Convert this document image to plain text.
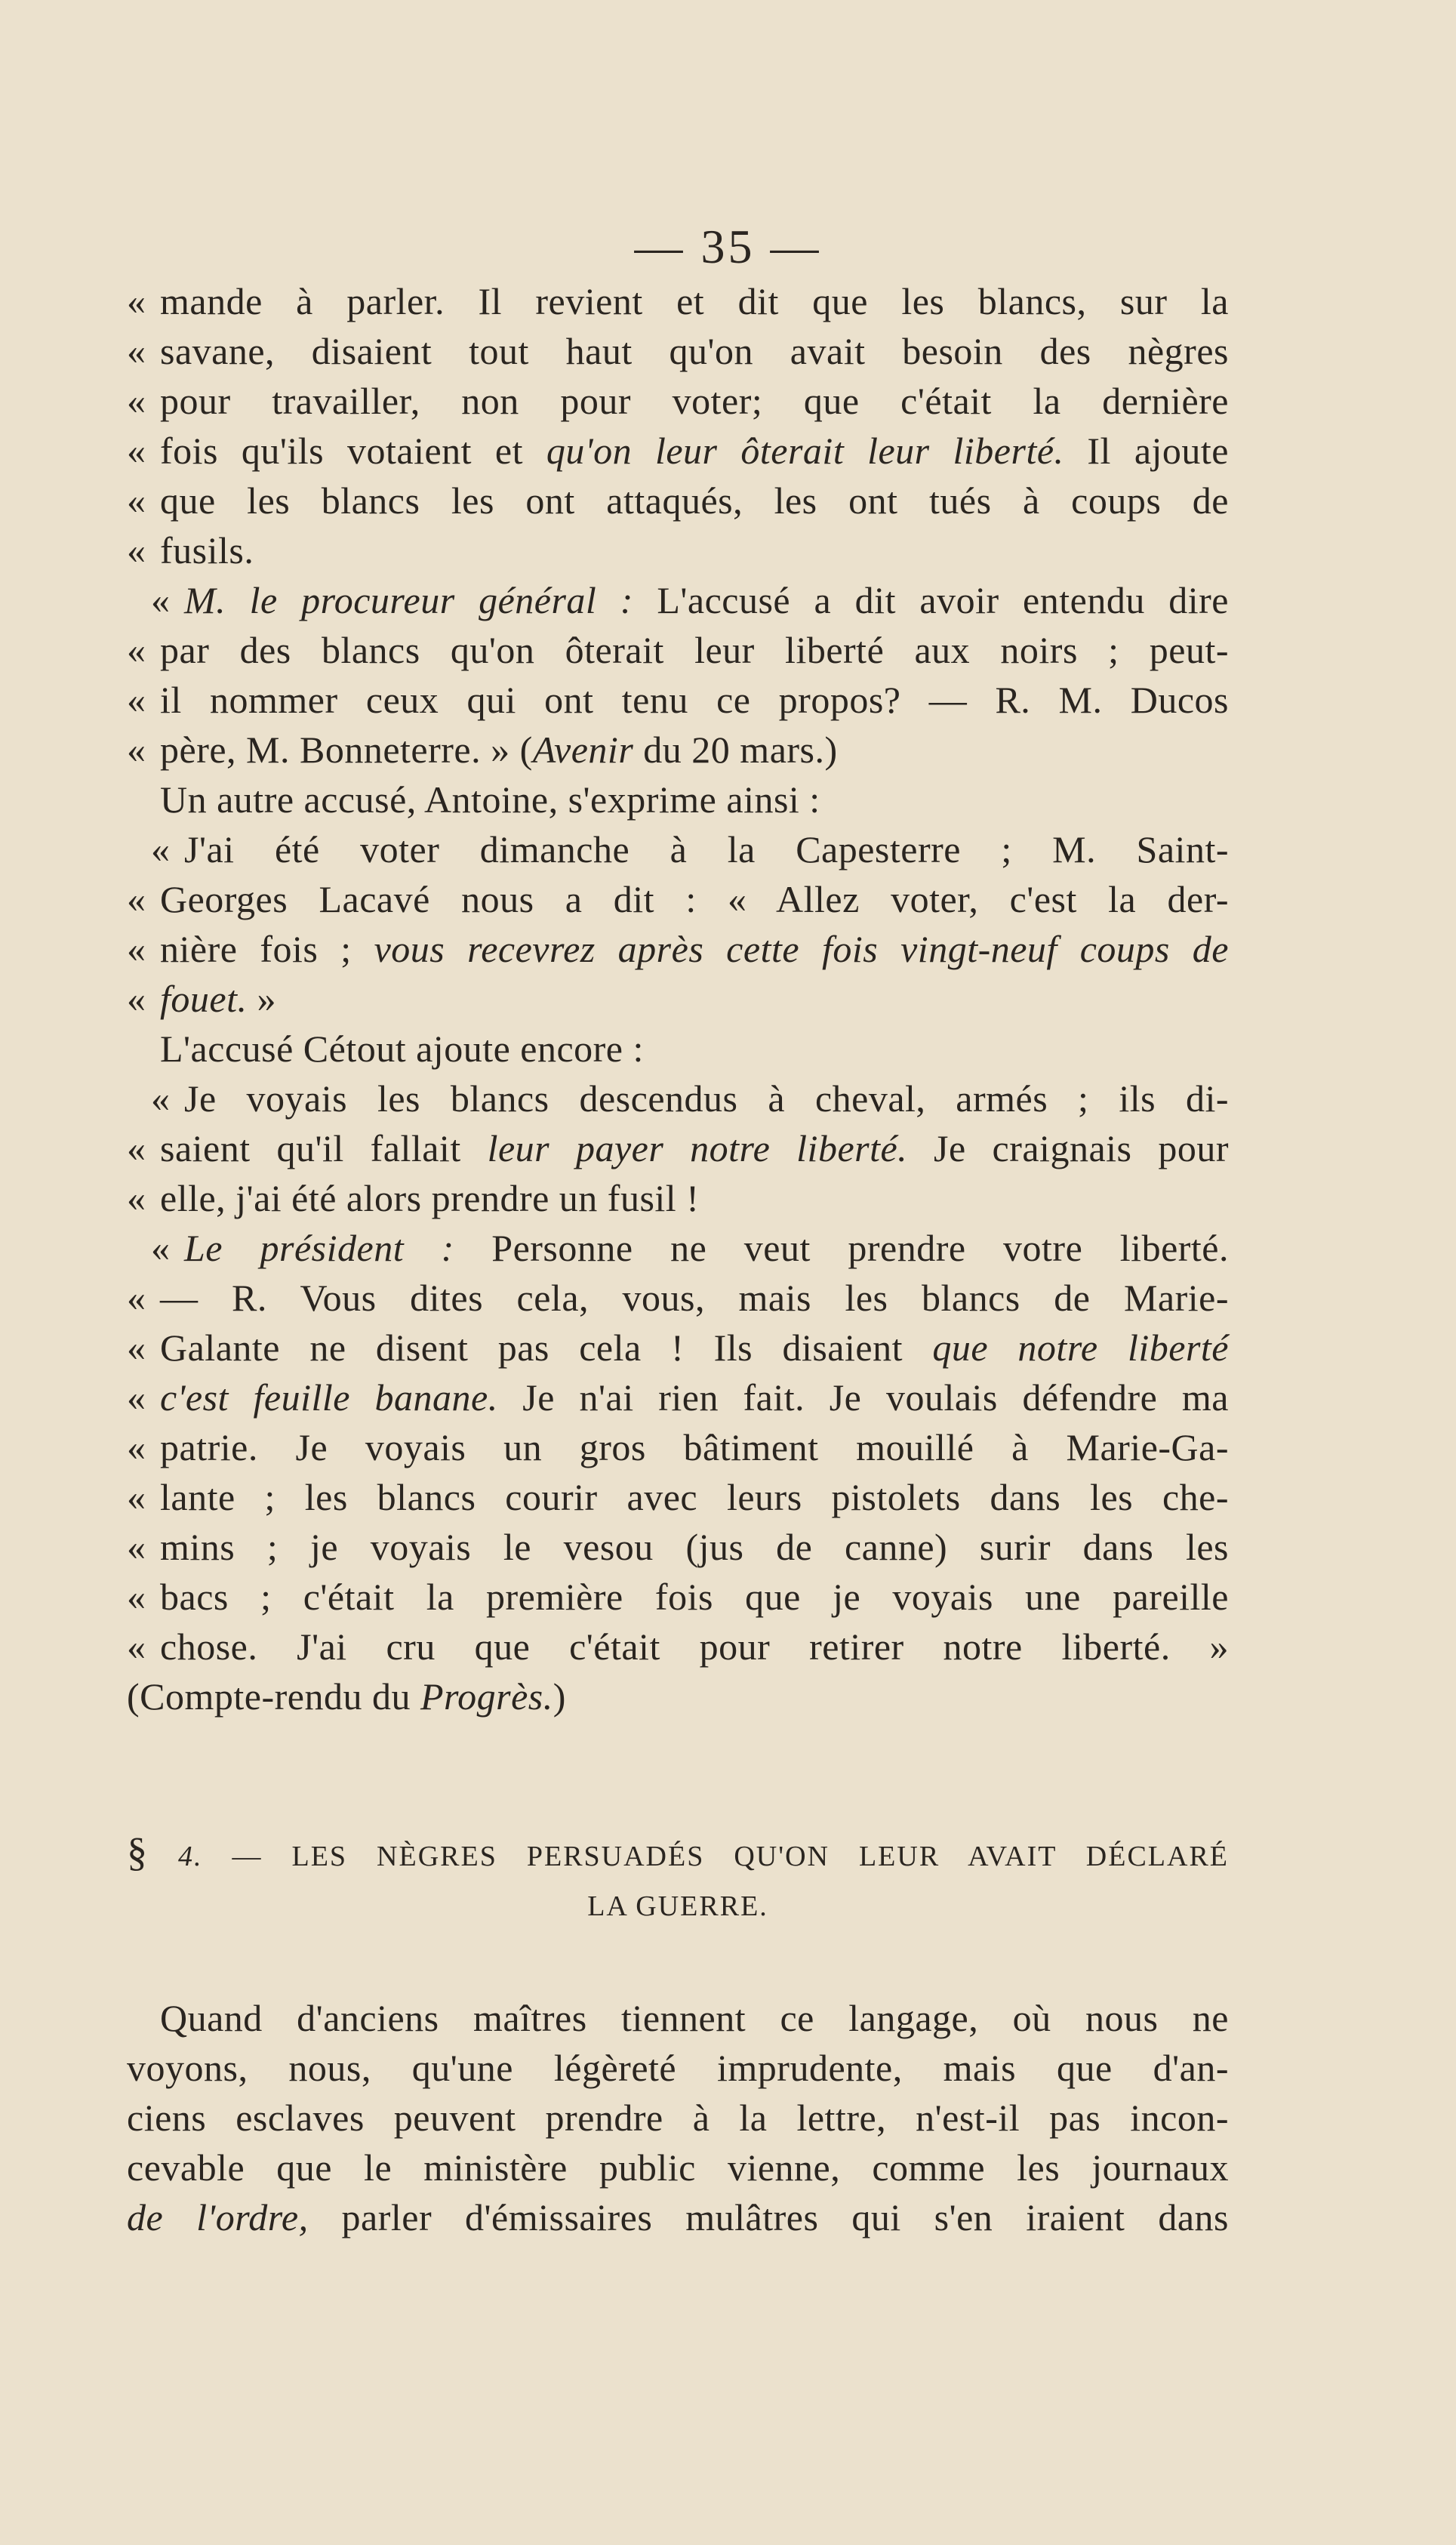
— 35 —
« mande à parler. Il revient et dit que les blancs, sur la
« savane, disaient tout haut qu'on avait besoin des nègres
« pour travailler, non pour voter; que c'était la dernière
« fois qu'ils votaient et qu'on leur ôterait leur liberté. Il ajoute
« que les blancs les ont attaqués, les ont tués à coups de
« fusils.
« M. le procureur général : L'accusé a dit avoir entendu dire
« par des blancs qu'on ôterait leur liberté aux noirs ; peut-
« il nommer ceux qui ont tenu ce propos? — R. M. Ducos
« père, M. Bonneterre. » (Avenir du 20 mars.)
Un autre accusé, Antoine, s'exprime ainsi :
« J'ai été voter dimanche à la Capesterre ; M. Saint-
« Georges Lacavé nous a dit : « Allez voter, c'est la der-
« nière fois ; vous recevrez après cette fois vingt-neuf coups de
« fouet. »
L'accusé Cétout ajoute encore :
« Je voyais les blancs descendus à cheval, armés ; ils di-
« saient qu'il fallait leur payer notre liberté. Je craignais pour
« elle, j'ai été alors prendre un fusil !
« Le président : Personne ne veut prendre votre liberté.
« — R. Vous dites cela, vous, mais les blancs de Marie-
« Galante ne disent pas cela ! Ils disaient que notre liberté
« c'est feuille banane. Je n'ai rien fait. Je voulais défendre ma
« patrie. Je voyais un gros bâtiment mouillé à Marie-Ga-
« lante ; les blancs courir avec leurs pistolets dans les che-
« mins ; je voyais le vesou (jus de canne) surir dans les
« bacs ; c'était la première fois que je voyais une pareille
« chose. J'ai cru que c'était pour retirer notre liberté. »
(Compte-rendu du Progrès.)
§ 4. — LES NÈGRES PERSUADÉS QU'ON LEUR AVAIT DÉCLARÉ
LA GUERRE.
Quand d'anciens maîtres tiennent ce langage, où nous ne
voyons, nous, qu'une légèreté imprudente, mais que d'an-
ciens esclaves peuvent prendre à la lettre, n'est-il pas incon-
cevable que le ministère public vienne, comme les journaux
de l'ordre, parler d'émissaires mulâtres qui s'en iraient dans
